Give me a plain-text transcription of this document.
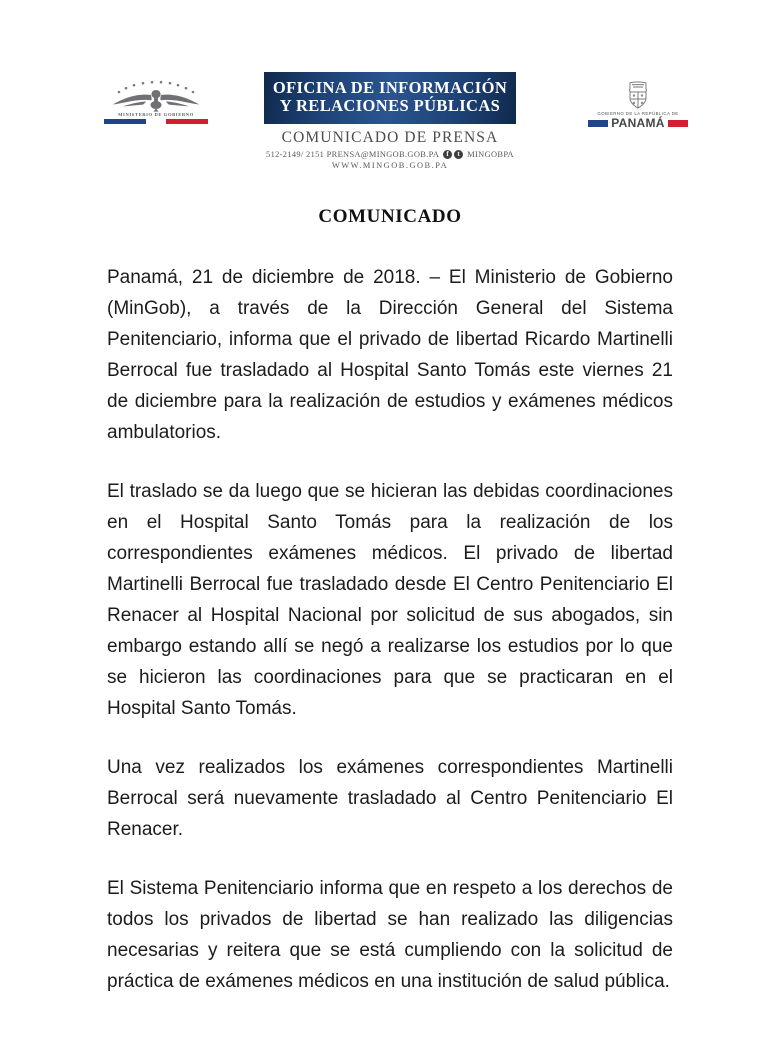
MINISTERIO DE GOBIERNO
OFICINA DE INFORMACIÓN
Y RELACIONES PÚBLICAS
COMUNICADO DE PRENSA
512-2149/ 2151 PRENSA@MINGOB.GOB.PA	f	t MINGOBPA
WWW.MINGOB.GOB.PA
GOBIERNO DE LA REPÚBLICA DE
PANAMÁ
COMUNICADO

Panamá, 21 de diciembre de 2018. – El Ministerio de Gobierno (MinGob), a través de la Dirección General del Sistema Penitenciario, informa que el privado de libertad Ricardo Martinelli Berrocal fue trasladado al Hospital Santo Tomás este viernes 21 de diciembre para la realización de estudios y exámenes médicos ambulatorios.

El traslado se da luego que se hicieran las debidas coordinaciones en el Hospital Santo Tomás para la realización de los correspondientes exámenes médicos. El privado de libertad Martinelli Berrocal fue trasladado desde El Centro Penitenciario El Renacer al Hospital Nacional por solicitud de sus abogados, sin embargo estando allí se negó a realizarse los estudios por lo que se hicieron las coordinaciones para que se practicaran en el Hospital Santo Tomás.

Una vez realizados los exámenes correspondientes Martinelli Berrocal será nuevamente trasladado al Centro Penitenciario El Renacer.

El Sistema Penitenciario informa que en respeto a los derechos de todos los privados de libertad se han realizado las diligencias necesarias y reitera que se está cumpliendo con la solicitud de práctica de exámenes médicos en una institución de salud pública.
